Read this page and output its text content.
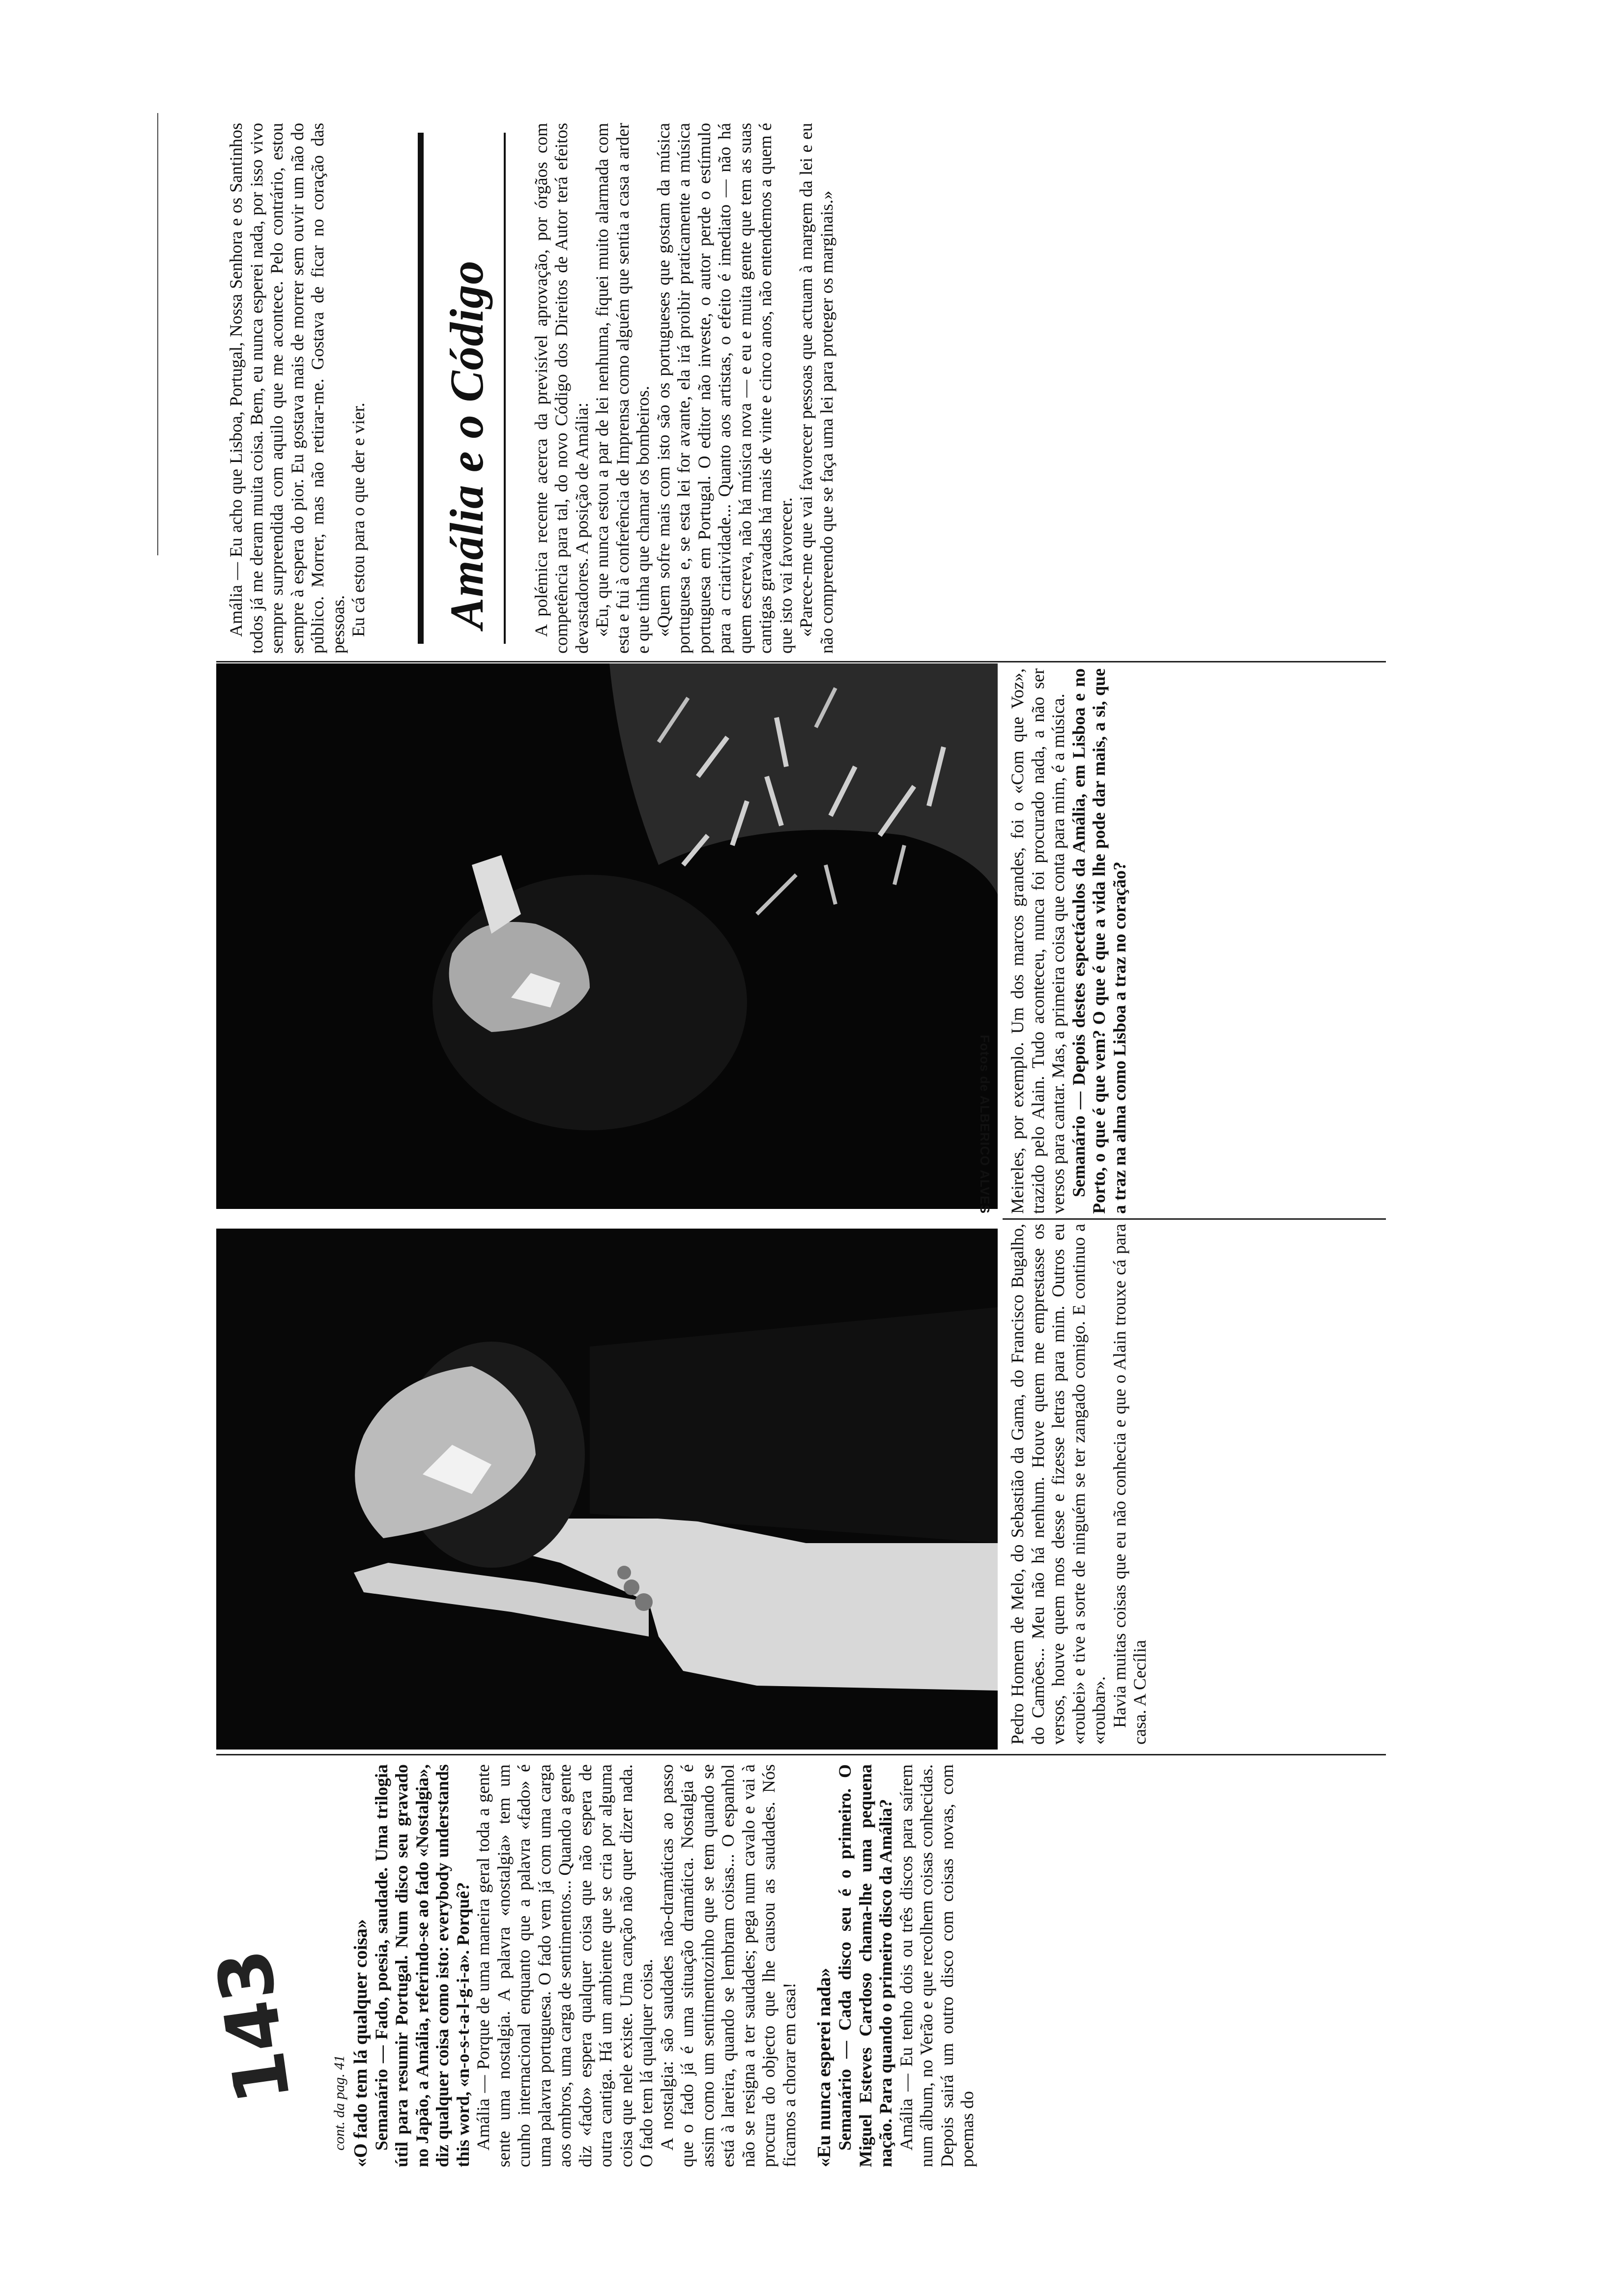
143 cont. da pag. 41 «O fado tem lá qualquer coisa» Semanário — Fado, poesia, saudade. Uma trilogia útil para resumir Portugal. Num disco seu gravado no Japão, a Amália, referindo-se ao fado «Nostalgia», diz qualquer coisa como isto: everybody understands this word, «n-o-s-t-a-l-g-i-a». Porquê? Amália — Porque de uma maneira geral toda a gente sente uma nostalgia. A palavra «nostalgia» tem um cunho internacional enquanto que a palavra «fado» é uma palavra portuguesa. O fado vem já com uma carga aos ombros, uma carga de sentimentos... Quando a gente diz «fado» espera qualquer coisa que não espera de outra cantiga. Há um ambiente que se cria por alguma coisa que nele existe. Uma canção não quer dizer nada. O fado tem lá qualquer coisa. A nostalgia: são saudades não-dramáticas ao passo que o fado já é uma situação dramática. Nostalgia é assim como um sentimentozinho que se tem quando se está à lareira, quando se lembram coisas... O espanhol não se resigna a ter saudades; pega num cavalo e vai à procura do objecto que lhe causou as saudades. Nós ficamos a chorar em casa! «Eu nunca esperei nada» Semanário — Cada disco seu é o primeiro. O Miguel Esteves Cardoso chama-lhe uma pequena nação. Para quando o primeiro disco da Amália? Amália — Eu tenho dois ou três discos para saírem num álbum, no Verão e que recolhem coisas conhecidas. Depois sairá um outro disco com coisas novas, com poemas do

Fotos de ALBERICO ALVES

Pedro Homem de Melo, do Sebastião da Gama, do Francisco Bugalho, do Camões... Meu não há nenhum. Houve quem me emprestasse os versos, houve quem mos desse e fizesse letras para mim. Outros eu «roubei» e tive a sorte de ninguém se ter zangado comigo. E continuo a «roubar». Havia muitas coisas que eu não conhecia e que o Alain trouxe cá para casa. A Cecília

Meireles, por exemplo. Um dos marcos grandes, foi o «Com que Voz», trazido pelo Alain. Tudo aconteceu, nunca foi procurado nada, a não ser versos para cantar. Mas, a primeira coisa que conta para mim, é a música. Semanário — Depois destes espectáculos da Amália, em Lisboa e no Porto, o que é que vem? O que é que a vida lhe pode dar mais, a si, que a traz na alma como Lisboa a traz no coração?

Amália — Eu acho que Lisboa, Portugal, Nossa Senhora e os Santinhos todos já me deram muita coisa. Bem, eu nunca esperei nada, por isso vivo sempre surpreendida com aquilo que me acontece. Pelo contrário, estou sempre à espera do pior. Eu gostava mais de morrer sem ouvir um não do público. Morrer, mas não retirar-me. Gostava de ficar no coração das pessoas. Eu cá estou para o que der e vier.	A polémica recente acerca da previsível aprovação, por órgãos com competência para tal, do novo Código dos Direitos de Autor terá efeitos devastadores. A posição de Amália: «Eu, que nunca estou a par de lei nenhuma, fiquei muito alarmada com esta e fui à conferência de Imprensa como alguém que sentia a casa a arder e que tinha que chamar os bombeiros. «Quem sofre mais com isto são os portugueses que gostam da música portuguesa e, se esta lei for avante, ela irá proibir praticamente a música portuguesa em Portugal. O editor não investe, o autor perde o estímulo para a criatividade... Quanto aos artistas, o efeito é imediato — não há quem escreva, não há música nova — e eu e muita gente que tem as suas cantigas gravadas há mais de vinte e cinco anos, não entendemos a quem é que isto vai favorecer. «Parece-me que vai favorecer pessoas que actuam à margem da lei e eu não compreendo que se faça uma lei para proteger os marginais.»

Amália e o Código
